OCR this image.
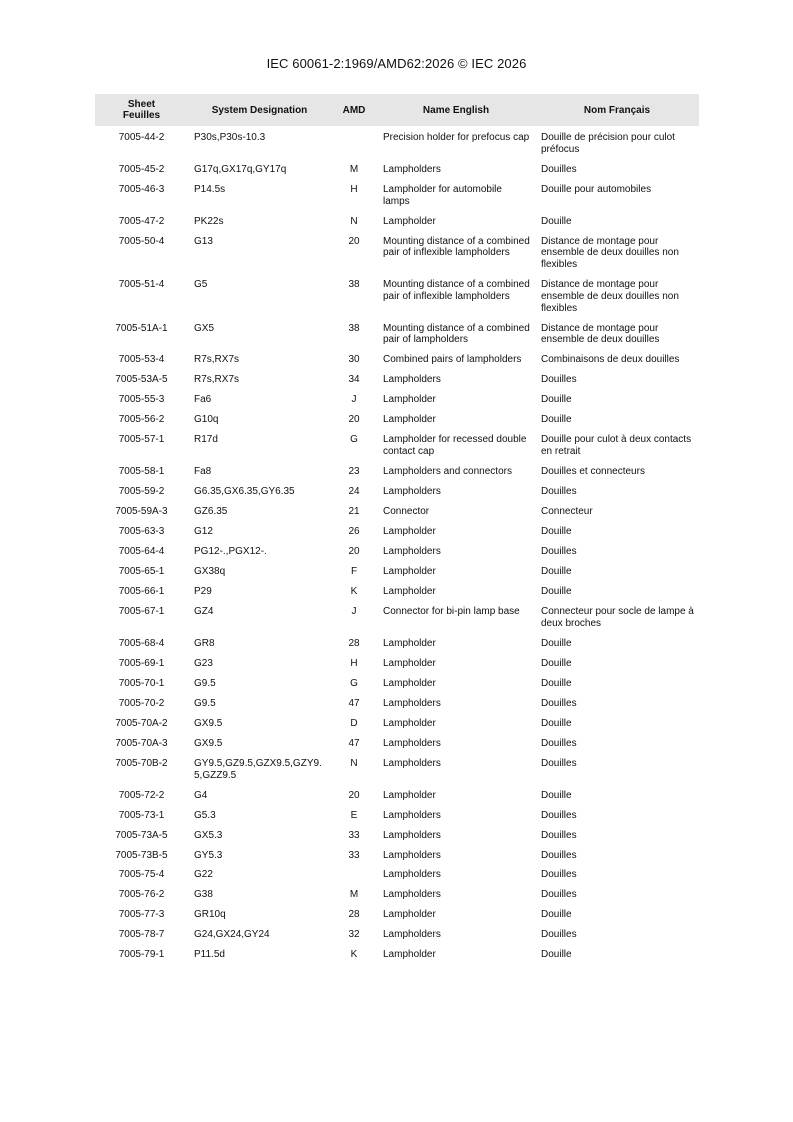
IEC 60061-2:1969/AMD62:2026 © IEC 2026
Sheet
Feuilles	System Designation	AMD	Name English	Nom Français
7005-44-2	P30s,P30s-10.3		Precision holder for prefocus cap	Douille de précision pour culot préfocus
7005-45-2	G17q,GX17q,GY17q	M	Lampholders	Douilles
7005-46-3	P14.5s	H	Lampholder for automobile lamps	Douille pour automobiles
7005-47-2	PK22s	N	Lampholder	Douille
7005-50-4	G13	20	Mounting distance of a combined pair of inflexible lampholders	Distance de montage pour ensemble de deux douilles non flexibles
7005-51-4	G5	38	Mounting distance of a combined pair of inflexible lampholders	Distance de montage pour ensemble de deux douilles non flexibles
7005-51A-1	GX5	38	Mounting distance of a combined pair of lampholders	Distance de montage pour ensemble de deux douilles
7005-53-4	R7s,RX7s	30	Combined pairs of lampholders	Combinaisons de deux douilles
7005-53A-5	R7s,RX7s	34	Lampholders	Douilles
7005-55-3	Fa6	J	Lampholder	Douille
7005-56-2	G10q	20	Lampholder	Douille
7005-57-1	R17d	G	Lampholder for recessed double contact cap	Douille pour culot à deux contacts en retrait
7005-58-1	Fa8	23	Lampholders and connectors	Douilles et connecteurs
7005-59-2	G6.35,GX6.35,GY6.35	24	Lampholders	Douilles
7005-59A-3	GZ6.35	21	Connector	Connecteur
7005-63-3	G12	26	Lampholder	Douille
7005-64-4	PG12-.,PGX12-.	20	Lampholders	Douilles
7005-65-1	GX38q	F	Lampholder	Douille
7005-66-1	P29	K	Lampholder	Douille
7005-67-1	GZ4	J	Connector for bi-pin lamp base	Connecteur pour socle de lampe à deux broches
7005-68-4	GR8	28	Lampholder	Douille
7005-69-1	G23	H	Lampholder	Douille
7005-70-1	G9.5	G	Lampholder	Douille
7005-70-2	G9.5	47	Lampholders	Douilles
7005-70A-2	GX9.5	D	Lampholder	Douille
7005-70A-3	GX9.5	47	Lampholders	Douilles
7005-70B-2	GY9.5,GZ9.5,GZX9.5,GZY9.5,GZZ9.5	N	Lampholders	Douilles
7005-72-2	G4	20	Lampholder	Douille
7005-73-1	G5.3	E	Lampholders	Douilles
7005-73A-5	GX5.3	33	Lampholders	Douilles
7005-73B-5	GY5.3	33	Lampholders	Douilles
7005-75-4	G22		Lampholders	Douilles
7005-76-2	G38	M	Lampholders	Douilles
7005-77-3	GR10q	28	Lampholder	Douille
7005-78-7	G24,GX24,GY24	32	Lampholders	Douilles
7005-79-1	P11.5d	K	Lampholder	Douille
